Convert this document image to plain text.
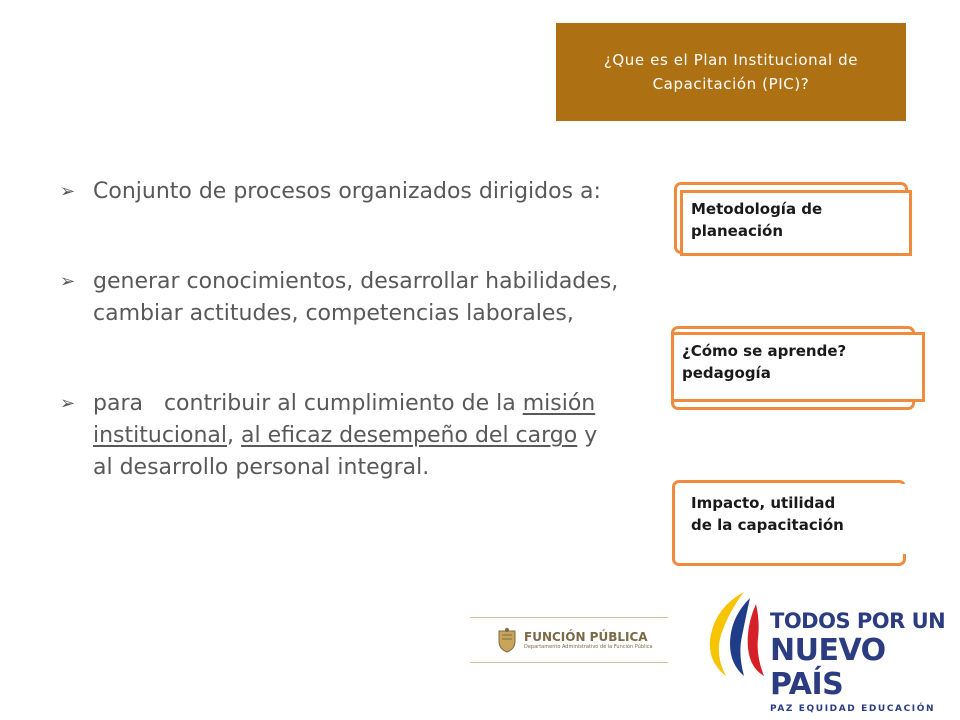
¿Que es el Plan Institucional de
Capacitación (PIC)?
➢ Conjunto de procesos organizados dirigidos a:
➢ generar conocimientos, desarrollar habilidades, cambiar actitudes, competencias laborales,
➢ para   contribuir al cumplimiento de la misión institucional, al eficaz desempeño del cargo y al desarrollo personal integral.
Metodología de
planeación
¿Cómo se aprende?
pedagogía
Impacto, utilidad
de la capacitación
FUNCIÓN PÚBLICA
Departamento Administrativo de la Función Pública
TODOS POR UN
NUEVO PAÍS
PAZ EQUIDAD EDUCACIÓN
